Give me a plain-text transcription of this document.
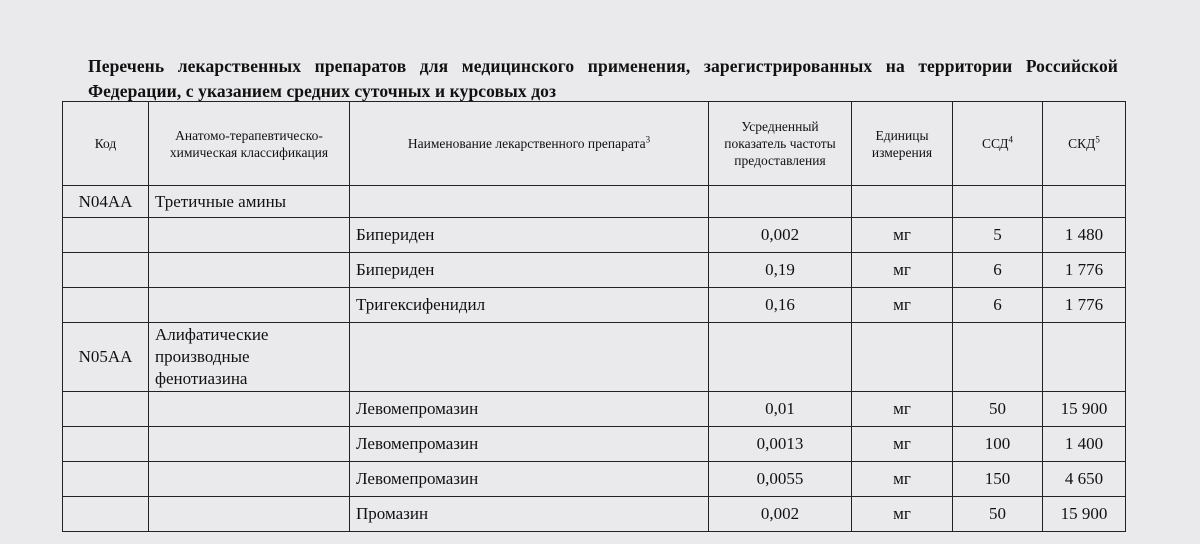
Перечень лекарственных препаратов для медицинского применения, зарегистрированных на территории Российской Федерации, с указанием средних суточных и курсовых доз
Код	Анатомо-терапевтическо-химическая классификация	Наименование лекарственного препарата$^3$	Усредненный показатель частоты предоставления	Единицы измерения	ССД$^4$	СКД$^5$
N04AA	Третичные амины					
		Бипериден	0,002	мг	5	1 480
		Бипериден	0,19	мг	6	1 776
		Тригексифенидил	0,16	мг	6	1 776
N05AA	Алифатические производные фенотиазина					
		Левомепромазин	0,01	мг	50	15 900
		Левомепромазин	0,0013	мг	100	1 400
		Левомепромазин	0,0055	мг	150	4 650
		Промазин	0,002	мг	50	15 900
